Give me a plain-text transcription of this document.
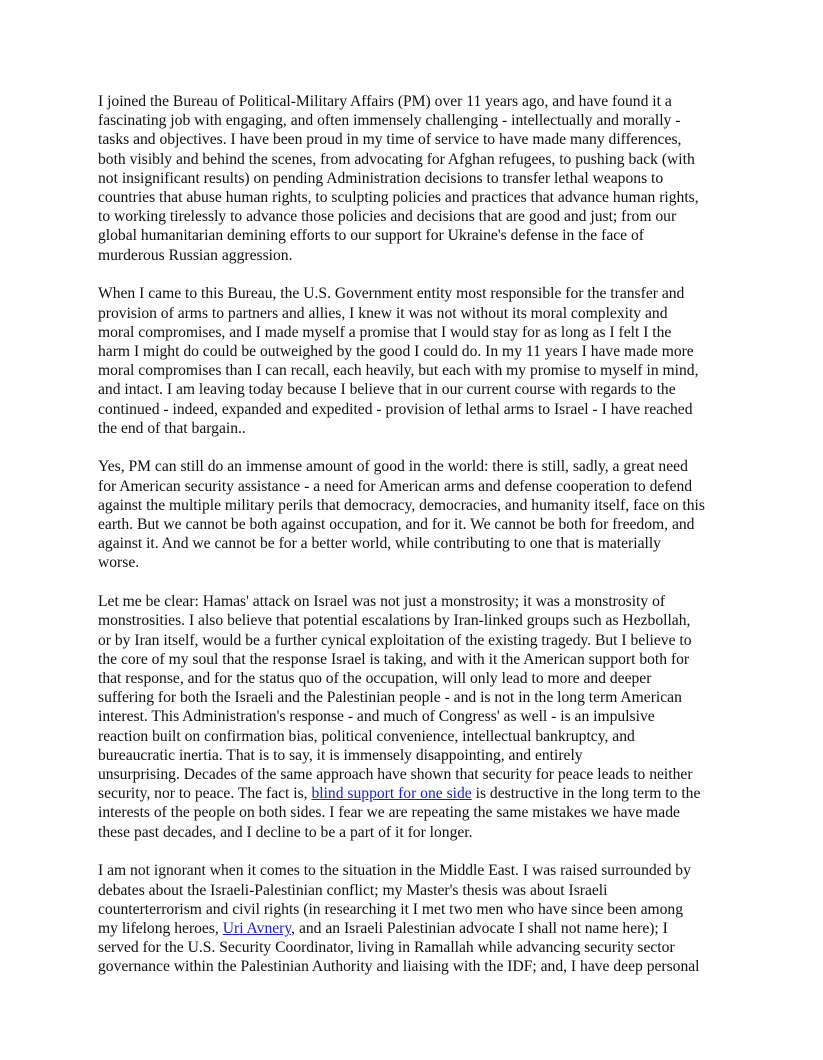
I joined the Bureau of Political-Military Affairs (PM) over 11 years ago, and have found it a
fascinating job with engaging, and often immensely challenging - intellectually and morally -
tasks and objectives. I have been proud in my time of service to have made many differences,
both visibly and behind the scenes, from advocating for Afghan refugees, to pushing back (with
not insignificant results) on pending Administration decisions to transfer lethal weapons to
countries that abuse human rights, to sculpting policies and practices that advance human rights,
to working tirelessly to advance those policies and decisions that are good and just; from our
global humanitarian demining efforts to our support for Ukraine's defense in the face of
murderous Russian aggression.

When I came to this Bureau, the U.S. Government entity most responsible for the transfer and
provision of arms to partners and allies, I knew it was not without its moral complexity and
moral compromises, and I made myself a promise that I would stay for as long as I felt I the
harm I might do could be outweighed by the good I could do. In my 11 years I have made more
moral compromises than I can recall, each heavily, but each with my promise to myself in mind,
and intact. I am leaving today because I believe that in our current course with regards to the
continued - indeed, expanded and expedited - provision of lethal arms to Israel - I have reached
the end of that bargain..

Yes, PM can still do an immense amount of good in the world: there is still, sadly, a great need
for American security assistance - a need for American arms and defense cooperation to defend
against the multiple military perils that democracy, democracies, and humanity itself, face on this
earth. But we cannot be both against occupation, and for it. We cannot be both for freedom, and
against it. And we cannot be for a better world, while contributing to one that is materially
worse.

Let me be clear: Hamas' attack on Israel was not just a monstrosity; it was a monstrosity of
monstrosities. I also believe that potential escalations by Iran-linked groups such as Hezbollah,
or by Iran itself, would be a further cynical exploitation of the existing tragedy. But I believe to
the core of my soul that the response Israel is taking, and with it the American support both for
that response, and for the status quo of the occupation, will only lead to more and deeper
suffering for both the Israeli and the Palestinian people - and is not in the long term American
interest. This Administration's response - and much of Congress' as well - is an impulsive
reaction built on confirmation bias, political convenience, intellectual bankruptcy, and
bureaucratic inertia. That is to say, it is immensely disappointing, and entirely
unsurprising. Decades of the same approach have shown that security for peace leads to neither
security, nor to peace. The fact is, blind support for one side is destructive in the long term to the
interests of the people on both sides. I fear we are repeating the same mistakes we have made
these past decades, and I decline to be a part of it for longer.

I am not ignorant when it comes to the situation in the Middle East. I was raised surrounded by
debates about the Israeli-Palestinian conflict; my Master's thesis was about Israeli
counterterrorism and civil rights (in researching it I met two men who have since been among
my lifelong heroes, Uri Avnery, and an Israeli Palestinian advocate I shall not name here); I
served for the U.S. Security Coordinator, living in Ramallah while advancing security sector
governance within the Palestinian Authority and liaising with the IDF; and, I have deep personal
